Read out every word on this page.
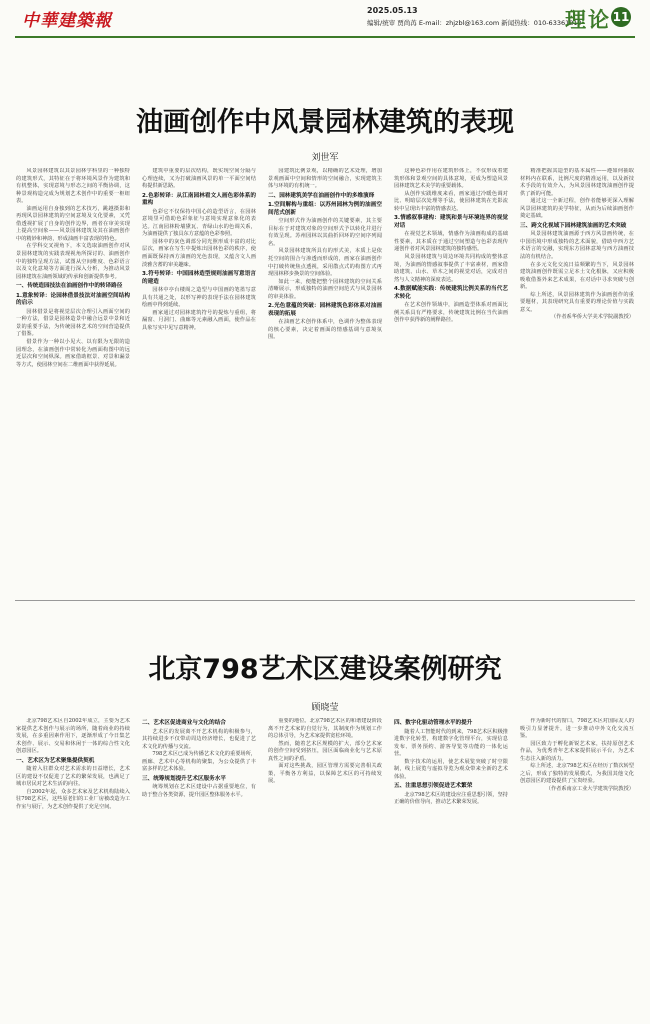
中華建築報
2025.05.13
编辑/统审 贾尚苒 E-mail：zhjzbl@163.com 新闻热线：010-63361819
理论 11
油画创作中风景园林建筑的表现
刘世军

风景园林建筑以其景园林学科里的一种独特的建筑形式，其特征在于将环境风景作为建筑和有机整体，实现意境与形态之间的平衡协调，这种景观构造完成为规划艺术创作中的重要一枢纽表。

油画运用自身独到的艺术技巧，跳越摄影和再现风景园林建筑的空间意境及文化要素，又凭借透视扩展了自身的创作边界，画者在审美实现上提高空间象——风景园林建筑及其在油画创作中的精妙和神韵，形成油画丰富表现的特色。

在学科交叉视角下，本文选取油画创作对风景园林建筑的实践表现视角所探讨的、油画创作中的独特呈现方法，试图从空间维度、色彩语言以及文化意境等方面进行深入分析，为推动风景园林建筑在油画领域的传承和创新提供参考。

一、传统造园技法在油画创作中的转译路径
1.意象转译：论园林借景技法对油画空间结构的启示

园林借景是将视觉层次合理引入画面空间的一种方法，借景是园林造景中融合远景中景和近景的重要手法，为传统园林艺术的空间营造提供了借鉴。

借景作为一种以小见大、以有限为无限的造园理念，在油画创作中常转化为画面构图中的远近层次和空间纵深。画家借助框景、对景和漏景等方式，使园林空间在二维画面中获得延展。

建筑中重要的层次结构，既实现空间分隔与心理连续，又为打破油画风景的单一平面空间结构提供新思路。

2.色彩转译：从江南园林看文人画色彩体系的重构

色彩它不仅保持中国心的造型语言，在园林意境里可借助色彩象征与意境实现意象化的表达。江南园林粉墙黛瓦、青绿山水的色调关系，为油画提供了独具东方意蕴的色彩参照。

园林中的灰色调部分同光照形成丰富的对比层次，画家在写生中提炼出园林色彩的秩序，使画面既保持西方油画的光色表现，又蕴含文人画淡雅含蓄的审美趣味。

3.符号转译：中国园林造型规则油画写意语言的建造

园林中亭台楼阁之造型与中国画的笔墨写意具有共通之处，以形写神的表现手法在园林建筑绘画中得到延续。

画家通过对园林建筑符号的提炼与重组，将漏窗、月洞门、曲廊等元素融入画面，使作品在具象写实中见写意精神。

园建筑比例景观，以精确的艺术处理，增加景观画面中空间和情形的空间融合，实现建筑主体与环境的有机统一。

二、园林建筑美学在油画创作中的多维演绎
1.空间解构与重组：以苏州园林为例的油画空间范式创新

空间形式作为油画创作的关键要素，其主要目标在于对建筑对象的空间形式予以转化并进行有效呈现。苏州园林以其曲折回环的空间序列闻名。

风景园林建筑所具有的形式美，本质上是依托空间的围合与渗透而形成的，画家在油画创作中打破传统焦点透视，采用散点式的构图方式再现园林移步换景的空间体验。

如此一来，便能把整个园林建筑的空间关系清晰展示，形成独特的油画空间范式与风景园林的审美体验。

2.光色意蕴的突破：园林建筑色彩体系对油画表现的拓展

在油画艺术创作体系中，色调作为整体表现的核心要素，决定着画面的情感基调与意境氛围。

这种色彩作用在建筑形体上，不仅形成着建筑形体和景观空间的具体意境，更成为塑造风景园林建筑艺术美学的重要载体。

从创作实践维度来看，画家通过冷暖色调对比、明暗层次处理等手法，使园林建筑在光影流转中呈现出丰富的情感表达。

3.情感叙事建构：建筑和景与环境连界的视觉对话

在视觉艺术领域，情感作为油画构成的基础性要素，其本质在于通过空间塑造与色彩表现传递创作者对风景园林建筑的独特感悟。

风景园林建筑与周边环境共同构成的整体意境，为油画的情感叙事提供了丰富素材，画家借助建筑、山水、草木之间的视觉对话，完成对自然与人文精神的深度表达。

4.数据赋能实践：传统建筑比例关系的当代艺术转化

在艺术创作领域中，油画造型体系对画面比例关系具有严格要求，传统建筑比例在当代油画创作中获得新的阐释路径。

精准把握其造型的基本属性——遵如何抽取材料内在联系，比例尺度的精准运用，以及新技术手段的有效介入，为风景园林建筑油画创作提供了新的可能。

通过这一全新过程，创作者能够更深入理解风景园林建筑的美学特征，从而为后续油画创作奠定基础。

三、跨文化视域下园林建筑油画的艺术突破

风景园林建筑油画源于西方风景画传统，在中国语境中形成独特的艺术面貌，借助中西方艺术语言的交融，实现东方园林意境与西方油画技法的有机结合。

在多元文化交流日益频繁的当下，风景园林建筑油画创作既需立足本土文化根脉，又应积极吸收借鉴外来艺术成果，在对话中寻求突破与创新。

综上所述，风景园林建筑作为油画创作的重要题材，其表现研究具有重要的理论价值与实践意义。

（作者系华侨大学美术学院副教授）

北京798艺术区建设案例研究
顾晓莹

北京798艺术区自2002年成立，主要为艺术家提供艺术创作与展示的场所，随着商业的持续发展，在多重因素作用下，逐渐形成了今日集艺术创作、展示、交易和休闲于一体的综合性文化创意园区。

一、艺术区为艺术聚集提供契机

随着入驻群众对艺术需求的日益增长，艺术区的建设不仅促进了艺术的繁荣发展，也满足了城市居民对艺术生活的向往。

自2002年起，众多艺术家及艺术机构陆续入驻798艺术区，这些原老旧的工业厂房被改造为工作室与展厅，为艺术创作提供了充足空间。

二、艺术区促进商业与文化的结合

艺术区的发展离不开艺术机构的积极参与，其持续进步不仅带动周边经济增长，也促进了艺术文化的传播与交流。

798艺术区已成为传播艺术文化的重要场所，画廊、艺术中心等机构的聚集，为公众提供了丰富多样的艺术体验。

三、统筹规划提升艺术区服务水平

统筹规划在艺术区建设中占据重要地位，有助于整合各类资源，提升园区整体服务水平。

重要的地位。北京798艺术区的和谐建设阶段离不开艺术家的自觉行为，其制度作为规划工作的总体引导，为艺术家提供宽松环境。

然而，随着艺术区规模的扩大，部分艺术家的创作空间受到挤压，园区面临商业化与艺术原真性之间的矛盾。

面对这些挑战，园区管理方需要完善相关政策，平衡各方利益，以保障艺术区的可持续发展。

四、数字化驱动管理水平的提升

随着人工智能时代的到来，798艺术区积极推进数字化转型，构建数字化管理平台，实现信息发布、票务预约、游客导览等功能的一体化运营。

数字技术的运用，使艺术展览突破了时空限制，线上展览与虚拟导览为观众带来全新的艺术体验。

五、注重思想引领促进艺术繁荣

北京798艺术区的建设应注重思想引领，坚持正确的价值导向，推动艺术繁荣发展。

作为新时代的窗口，798艺术区对国际友人的吸引力显著提升，进一步推动中外文化交流互鉴。

园区致力于孵化新锐艺术家，扶持原创艺术作品，为优秀青年艺术家提供展示平台，为艺术生态注入新的活力。

综上所述，北京798艺术区在经历了数次转型之后，形成了独特的发展模式，为我国其他文化创意园区的建设提供了宝贵经验。

（作者系南京工业大学建筑学院教授）
